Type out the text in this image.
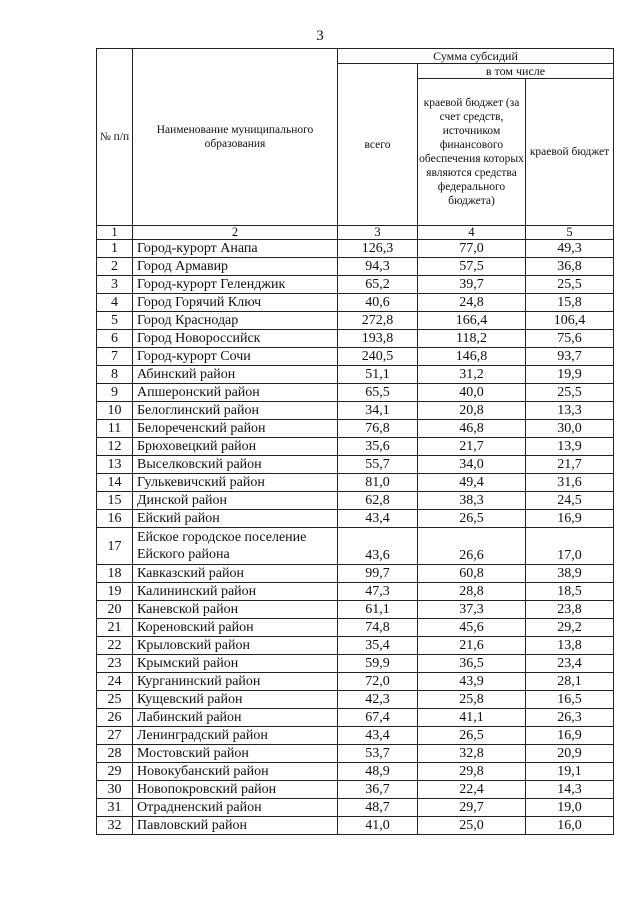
3
№ п/п	Наименование муниципального образования	Сумма субсидий		
		всего	в том числе	
			краевой бюджет (за счет средств, источником финансового обеспечения которых являются средства федерального бюджета)	краевой бюджет
1	2	3	4	5
1	Город-курорт Анапа	126,3	77,0	49,3
2	Город Армавир	94,3	57,5	36,8
3	Город-курорт Геленджик	65,2	39,7	25,5
4	Город Горячий Ключ	40,6	24,8	15,8
5	Город Краснодар	272,8	166,4	106,4
6	Город Новороссийск	193,8	118,2	75,6
7	Город-курорт Сочи	240,5	146,8	93,7
8	Абинский район	51,1	31,2	19,9
9	Апшеронский район	65,5	40,0	25,5
10	Белоглинский район	34,1	20,8	13,3
11	Белореченский район	76,8	46,8	30,0
12	Брюховецкий район	35,6	21,7	13,9
13	Выселковский район	55,7	34,0	21,7
14	Гулькевичский район	81,0	49,4	31,6
15	Динской район	62,8	38,3	24,5
16	Ейский район	43,4	26,5	16,9
17	Ейское городское поселение Ейского района	43,6	26,6	17,0
18	Кавказский район	99,7	60,8	38,9
19	Калининский район	47,3	28,8	18,5
20	Каневской район	61,1	37,3	23,8
21	Кореновский район	74,8	45,6	29,2
22	Крыловский район	35,4	21,6	13,8
23	Крымский район	59,9	36,5	23,4
24	Курганинский район	72,0	43,9	28,1
25	Кущевский район	42,3	25,8	16,5
26	Лабинский район	67,4	41,1	26,3
27	Ленинградский район	43,4	26,5	16,9
28	Мостовский район	53,7	32,8	20,9
29	Новокубанский район	48,9	29,8	19,1
30	Новопокровский район	36,7	22,4	14,3
31	Отрадненский район	48,7	29,7	19,0
32	Павловский район	41,0	25,0	16,0
